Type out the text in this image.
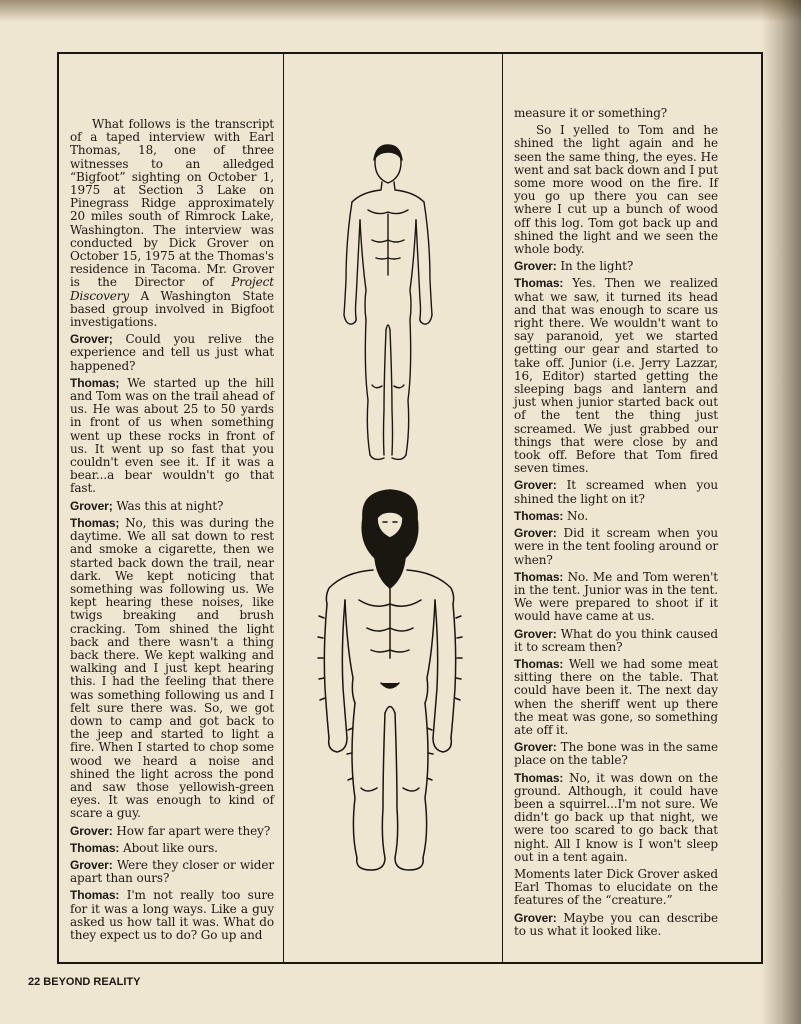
What follows is the transcript of a taped interview with Earl Thomas, 18, one of three witnesses to an alledged “Bigfoot” sighting on October 1, 1975 at Section 3 Lake on Pinegrass Ridge approximately 20 miles south of Rimrock Lake, Washington. The interview was conducted by Dick Grover on October 15, 1975 at the Thomas's residence in Tacoma. Mr. Grover is the Director of Project Discovery A Washington State based group involved in Bigfoot investigations.

Grover; Could you relive the experience and tell us just what happened?

Thomas; We started up the hill and Tom was on the trail ahead of us. He was about 25 to 50 yards in front of us when something went up these rocks in front of us. It went up so fast that you couldn't even see it. If it was a bear...a bear wouldn't go that fast.

Grover; Was this at night?

Thomas; No, this was during the daytime. We all sat down to rest and smoke a cigarette, then we started back down the trail, near dark. We kept noticing that something was following us. We kept hearing these noises, like twigs breaking and brush cracking. Tom shined the light back and there wasn't a thing back there. We kept walking and walking and I just kept hearing this. I had the feeling that there was something following us and I felt sure there was. So, we got down to camp and got back to the jeep and started to light a fire. When I started to chop some wood we heard a noise and shined the light across the pond and saw those yellowish-green eyes. It was enough to kind of scare a guy.

Grover: How far apart were they?

Thomas: About like ours.

Grover: Were they closer or wider apart than ours?

Thomas: I'm not really too sure for it was a long ways. Like a guy asked us how tall it was. What do they expect us to do? Go up and

measure it or something?

So I yelled to Tom and he shined the light again and he seen the same thing, the eyes. He went and sat back down and I put some more wood on the fire. If you go up there you can see where I cut up a bunch of wood off this log. Tom got back up and shined the light and we seen the whole body.

Grover: In the light?

Thomas: Yes. Then we realized what we saw, it turned its head and that was enough to scare us right there. We wouldn't want to say paranoid, yet we started getting our gear and started to take off. Junior (i.e. Jerry Lazzar, 16, Editor) started getting the sleeping bags and lantern and just when junior started back out of the tent the thing just screamed. We just grabbed our things that were close by and took off. Before that Tom fired seven times.

Grover: It screamed when you shined the light on it?

Thomas: No.

Grover: Did it scream when you were in the tent fooling around or when?

Thomas: No. Me and Tom weren't in the tent. Junior was in the tent. We were prepared to shoot if it would have came at us.

Grover: What do you think caused it to scream then?

Thomas: Well we had some meat sitting there on the table. That could have been it. The next day when the sheriff went up there the meat was gone, so something ate off it.

Grover: The bone was in the same place on the table?

Thomas: No, it was down on the ground. Although, it could have been a squirrel...I'm not sure. We didn't go back up that night, we were too scared to go back that night. All I know is I won't sleep out in a tent again.

Moments later Dick Grover asked Earl Thomas to elucidate on the features of the “creature.”

Grover: Maybe you can describe to us what it looked like.

22 BEYOND REALITY
